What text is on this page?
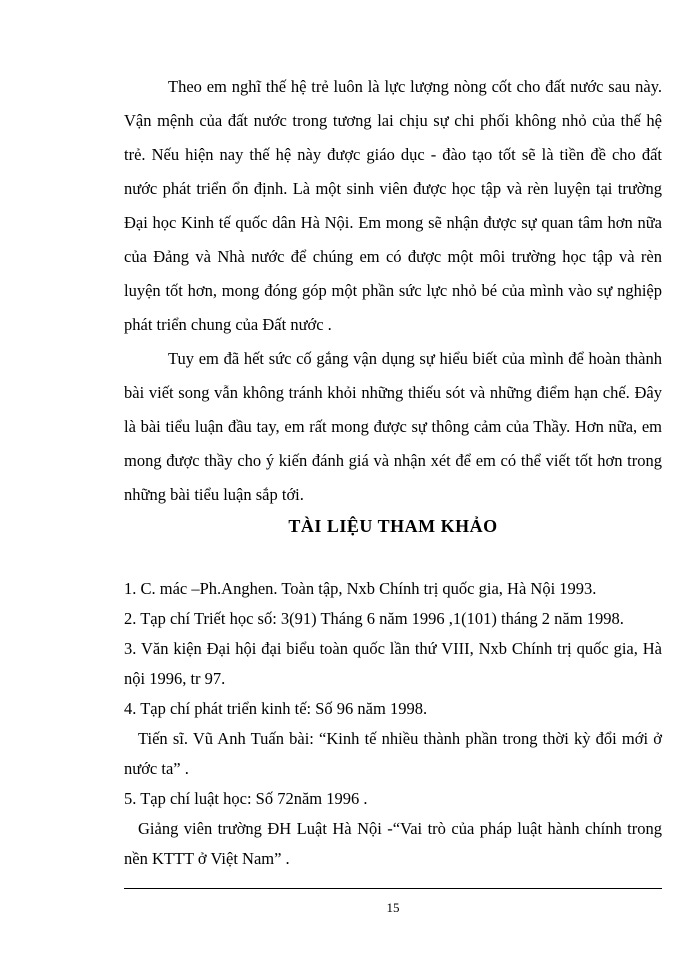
Theo em nghĩ thế hệ trẻ luôn là lực lượng nòng cốt cho đất nước sau này. Vận mệnh của đất nước trong tương lai chịu sự chi phối không nhỏ của thế hệ trẻ. Nếu hiện nay thế hệ này được giáo dục - đào tạo tốt sẽ là tiền đề cho đất nước phát triển ổn định. Là một sinh viên được học tập và rèn luyện tại trường Đại học Kinh tế quốc dân Hà Nội. Em mong sẽ nhận được sự quan tâm hơn nữa của Đảng và Nhà nước để chúng em có được một môi trường học tập và rèn luyện tốt hơn, mong đóng góp một phần sức lực nhỏ bé của mình vào sự nghiệp phát triển chung của Đất nước .

Tuy em đã hết sức cố gắng vận dụng sự hiểu biết của mình để hoàn thành bài viết song vẫn không tránh khỏi những thiếu sót và những điểm hạn chế. Đây là bài tiểu luận đầu tay, em rất mong được sự thông cảm của Thầy. Hơn nữa, em mong được thầy cho ý kiến đánh giá và nhận xét để em có thể viết tốt hơn trong những bài tiểu luận sắp tới.

TÀI LIỆU THAM KHẢO

1. C. mác –Ph.Anghen. Toàn tập, Nxb Chính trị quốc gia, Hà Nội 1993.

2. Tạp chí Triết học số: 3(91) Tháng 6 năm 1996 ,1(101) tháng 2 năm 1998.

3. Văn kiện Đại hội đại biểu toàn quốc lần thứ VIII, Nxb Chính trị quốc gia, Hà nội 1996, tr 97.

4. Tạp chí phát triển kinh tế: Số 96 năm 1998.

Tiến sĩ. Vũ Anh Tuấn bài: “Kinh tế nhiều thành phần trong thời kỳ đổi mới ở nước ta” .

5. Tạp chí luật học: Số 72năm 1996 .

Giảng viên trường ĐH Luật Hà Nội -“Vai trò của pháp luật hành chính trong nền KTTT ở Việt Nam” .

15
